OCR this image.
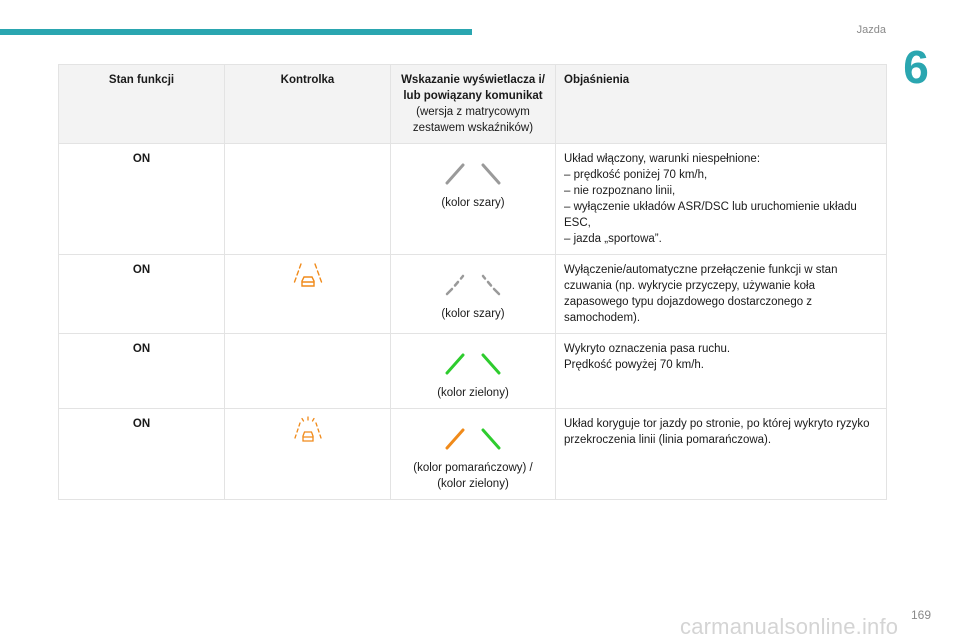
Jazda
6
Stan funkcji	Kontrolka	Wskazanie wyświetlacza i/ lub powiązany komunikat
(wersja z matrycowym zestawem wskaźników)	Objaśnienia
ON		(kolor szary)	Układ włączony, warunki niespełnione:
– prędkość poniżej 70 km/h,
– nie rozpoznano linii,
– wyłączenie układów ASR/DSC lub uruchomienie układu ESC,
– jazda „sportowa”.

ON		(kolor szary)	Wyłączenie/automatyczne przełączenie funkcji w stan czuwania (np. wykrycie przyczepy, używanie koła zapasowego typu dojazdowego dostarczonego z samochodem).

ON		(kolor zielony)	Wykryto oznaczenia pasa ruchu.
Prędkość powyżej 70 km/h.

ON		(kolor pomarańczowy) / (kolor zielony)	Układ koryguje tor jazdy po stronie, po której wykryto ryzyko przekroczenia linii (linia pomarańczowa).
169
carmanualsonline.info
